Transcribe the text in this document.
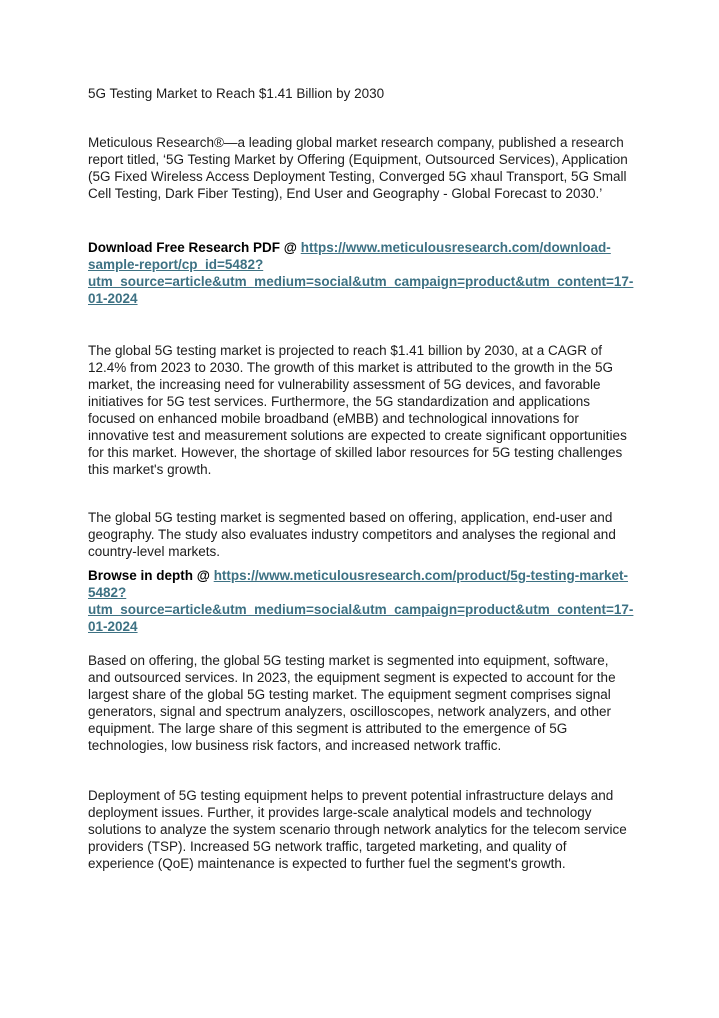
5G Testing Market to Reach $1.41 Billion by 2030

Meticulous Research®—a leading global market research company, published a research report titled, ‘5G Testing Market by Offering (Equipment, Outsourced Services), Application (5G Fixed Wireless Access Deployment Testing, Converged 5G xhaul Transport, 5G Small Cell Testing, Dark Fiber Testing), End User and Geography - Global Forecast to 2030.’

Download Free Research PDF @ https://www.meticulousresearch.com/download-sample-report/cp_id=5482?utm_source=article&utm_medium=social&utm_campaign=product&utm_content=17-01-2024

The global 5G testing market is projected to reach $1.41 billion by 2030, at a CAGR of 12.4% from 2023 to 2030. The growth of this market is attributed to the growth in the 5G market, the increasing need for vulnerability assessment of 5G devices, and favorable initiatives for 5G test services. Furthermore, the 5G standardization and applications focused on enhanced mobile broadband (eMBB) and technological innovations for innovative test and measurement solutions are expected to create significant opportunities for this market. However, the shortage of skilled labor resources for 5G testing challenges this market's growth.

The global 5G testing market is segmented based on offering, application, end-user and geography. The study also evaluates industry competitors and analyses the regional and country-level markets.

Browse in depth @ https://www.meticulousresearch.com/product/5g-testing-market-5482?utm_source=article&utm_medium=social&utm_campaign=product&utm_content=17-01-2024

Based on offering, the global 5G testing market is segmented into equipment, software, and outsourced services. In 2023, the equipment segment is expected to account for the largest share of the global 5G testing market. The equipment segment comprises signal generators, signal and spectrum analyzers, oscilloscopes, network analyzers, and other equipment. The large share of this segment is attributed to the emergence of 5G technologies, low business risk factors, and increased network traffic.

Deployment of 5G testing equipment helps to prevent potential infrastructure delays and deployment issues. Further, it provides large-scale analytical models and technology solutions to analyze the system scenario through network analytics for the telecom service providers (TSP). Increased 5G network traffic, targeted marketing, and quality of experience (QoE) maintenance is expected to further fuel the segment's growth.
